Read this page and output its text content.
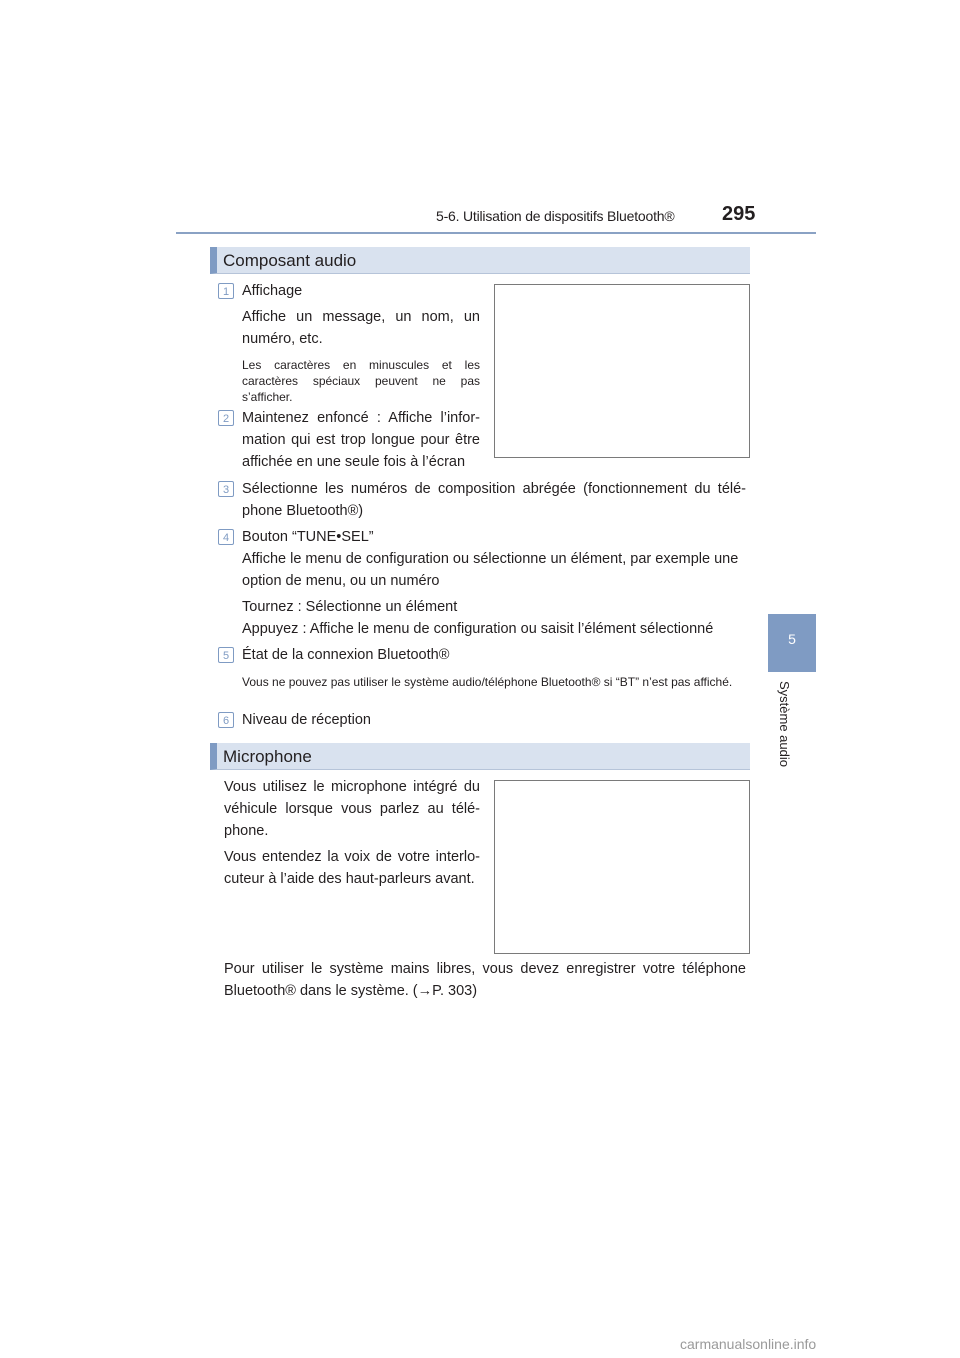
5-6. Utilisation de dispositifs Bluetooth® 295
5
Système audio
Composant audio
1 Affichage
Affiche un message, un nom, un numéro, etc.
Les caractères en minuscules et les caractères spéciaux peuvent ne pas s’afficher.
2 Maintenez enfoncé : Affiche l’infor-mation qui est trop longue pour être affichée en une seule fois à l’écran
3 Sélectionne les numéros de composition abrégée (fonctionnement du télé-phone Bluetooth®)
4 Bouton “TUNE•SEL”
Affiche le menu de configuration ou sélectionne un élément, par exemple une option de menu, ou un numéro
Tournez : Sélectionne un élément
Appuyez : Affiche le menu de configuration ou saisit l’élément sélectionné
5 État de la connexion Bluetooth®
Vous ne pouvez pas utiliser le système audio/téléphone Bluetooth® si “BT” n’est pas affiché.
6 Niveau de réception
Microphone
Vous utilisez le microphone intégré du véhicule lorsque vous parlez au télé-phone.
Vous entendez la voix de votre interlo-cuteur à l’aide des haut-parleurs avant.
Pour utiliser le système mains libres, vous devez enregistrer votre téléphone Bluetooth® dans le système. (→P. 303)
carmanualsonline.info
